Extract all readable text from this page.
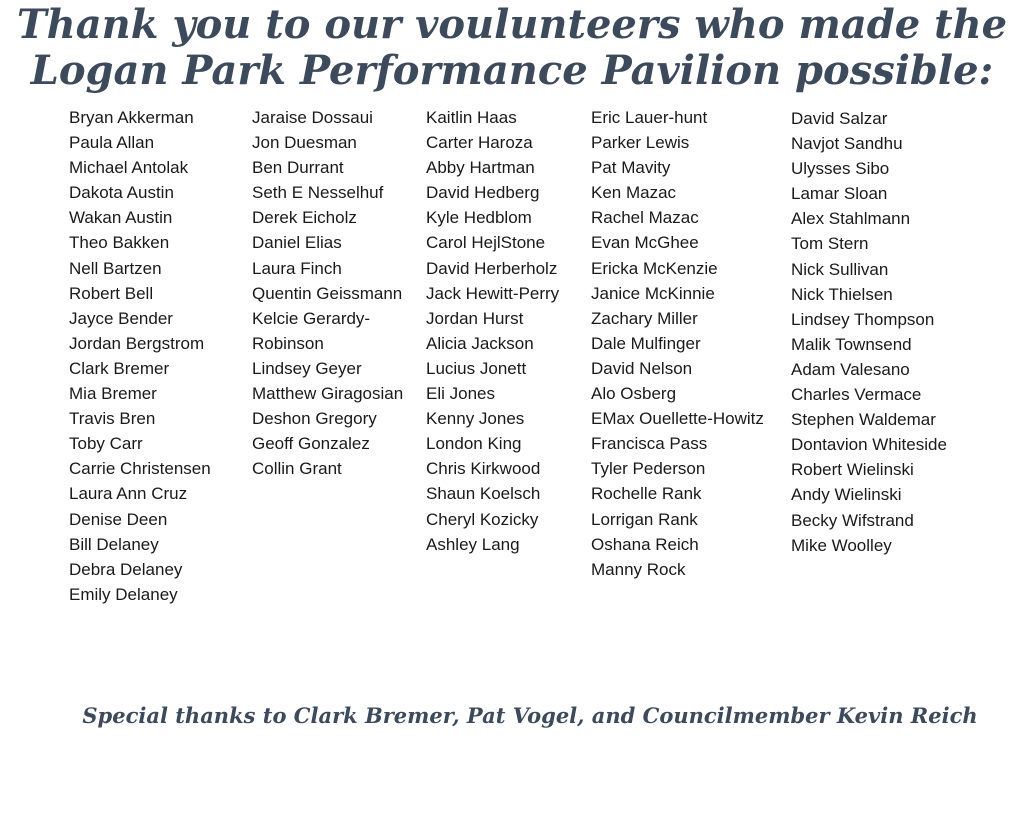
Thank you to our voulunteers who made the
Logan Park Performance Pavilion possible:
Bryan Akkerman
Paula Allan
Michael Antolak
Dakota Austin
Wakan Austin
Theo Bakken
Nell Bartzen
Robert Bell
Jayce Bender
Jordan Bergstrom
Clark Bremer
Mia Bremer
Travis Bren
Toby Carr
Carrie Christensen
Laura Ann Cruz
Denise Deen
Bill Delaney
Debra Delaney
Emily Delaney
Jaraise Dossaui
Jon Duesman
Ben Durrant
Seth E Nesselhuf
Derek Eicholz
Daniel Elias
Laura Finch
Quentin Geissmann
Kelcie Gerardy-
Robinson
Lindsey Geyer
Matthew Giragosian
Deshon Gregory
Geoff Gonzalez
Collin Grant
Kaitlin Haas
Carter Haroza
Abby Hartman
David Hedberg
Kyle Hedblom
Carol HejlStone
David Herberholz
Jack Hewitt-Perry
Jordan Hurst
Alicia Jackson
Lucius Jonett
Eli Jones
Kenny Jones
London King
Chris Kirkwood
Shaun Koelsch
Cheryl Kozicky
Ashley Lang
Eric Lauer-hunt
Parker Lewis
Pat Mavity
Ken Mazac
Rachel Mazac
Evan McGhee
Ericka McKenzie
Janice McKinnie
Zachary Miller
Dale Mulfinger
David Nelson
Alo Osberg
EMax Ouellette-Howitz
Francisca Pass
Tyler Pederson
Rochelle Rank
Lorrigan Rank
Oshana Reich
Manny Rock
David Salzar
Navjot Sandhu
Ulysses Sibo
Lamar Sloan
Alex Stahlmann
Tom Stern
Nick Sullivan
Nick Thielsen
Lindsey Thompson
Malik Townsend
Adam Valesano
Charles Vermace
Stephen Waldemar
Dontavion Whiteside
Robert Wielinski
Andy Wielinski
Becky Wifstrand
Mike Woolley

Special thanks to Clark Bremer, Pat Vogel, and Councilmember Kevin Reich
